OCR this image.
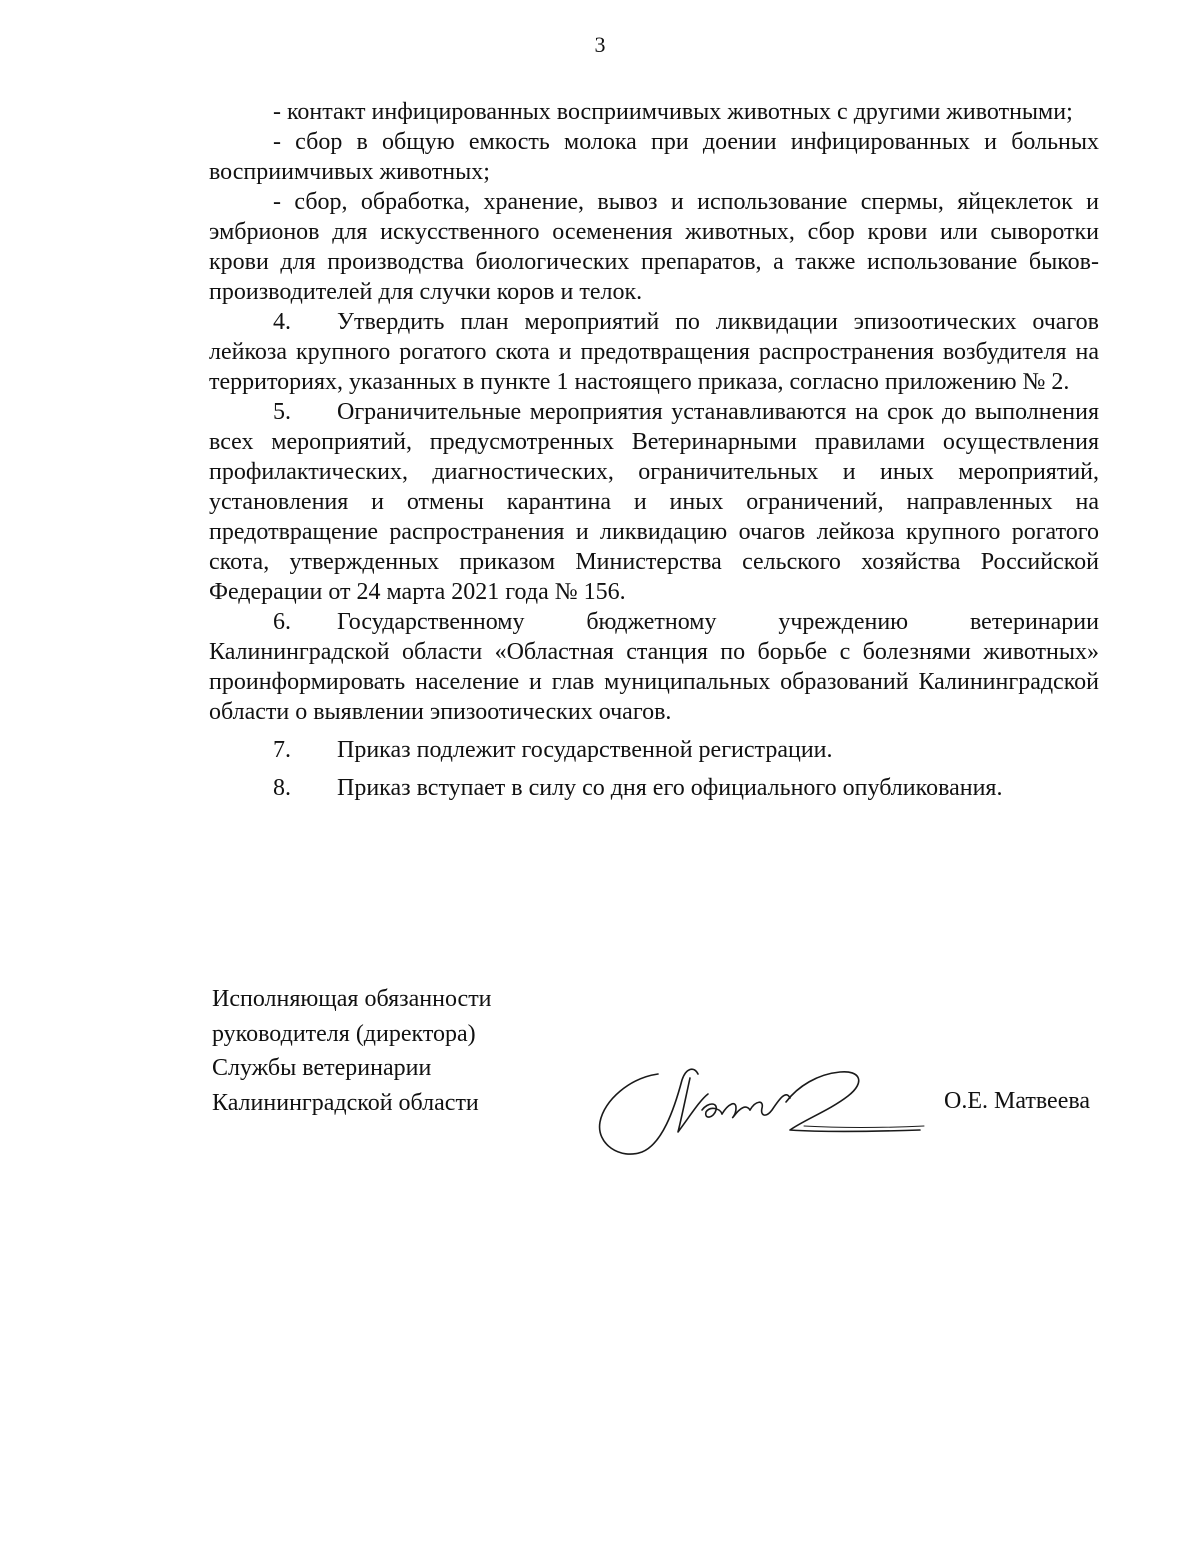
3

- контакт инфицированных восприимчивых животных с другими животными;

- сбор в общую емкость молока при доении инфицированных и больных восприимчивых животных;

- сбор, обработка, хранение, вывоз и использование спермы, яйцеклеток и эмбрионов для искусственного осеменения животных, сбор крови или сыворотки крови для производства биологических препаратов, а также использование быков-производителей для случки коров и телок.

4. Утвердить план мероприятий по ликвидации эпизоотических очагов лейкоза крупного рогатого скота и предотвращения распространения возбудителя на территориях, указанных в пункте 1 настоящего приказа, согласно приложению № 2.

5. Ограничительные мероприятия устанавливаются на срок до выполнения всех мероприятий, предусмотренных Ветеринарными правилами осуществления профилактических, диагностических, ограничительных и иных мероприятий, установления и отмены карантина и иных ограничений, направленных на предотвращение распространения и ликвидацию очагов лейкоза крупного рогатого скота, утвержденных приказом Министерства сельского хозяйства Российской Федерации от 24 марта 2021 года № 156.

6. Государственному бюджетному учреждению ветеринарии Калининградской области «Областная станция по борьбе с болезнями животных» проинформировать население и глав муниципальных образований Калининградской области о выявлении эпизоотических очагов.

7. Приказ подлежит государственной регистрации.

8. Приказ вступает в силу со дня его официального опубликования.

Исполняющая обязанности
руководителя (директора)
Службы ветеринарии
Калининградской области	О.Е. Матвеева
